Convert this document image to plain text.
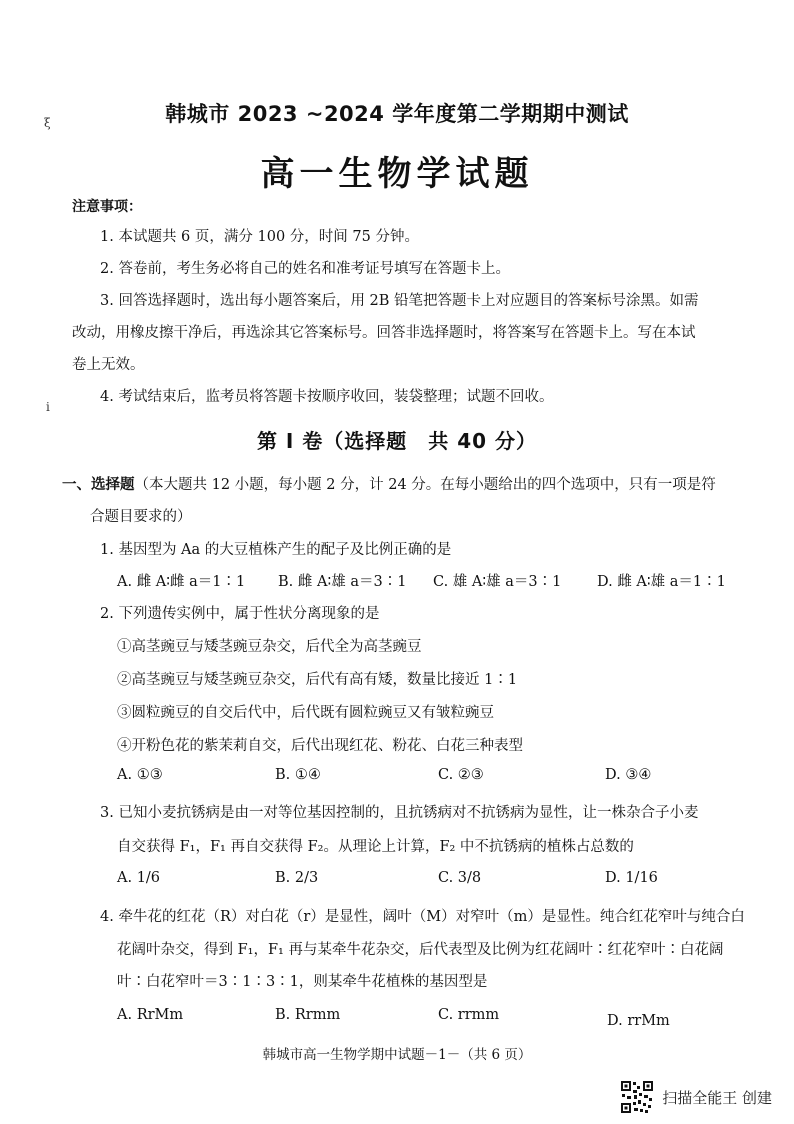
ξ
ⅰ
韩城市 2023 ~2024 学年度第二学期期中测试
高一生物学试题
注意事项：
1. 本试题共 6 页，满分 100 分，时间 75 分钟。
2. 答卷前，考生务必将自己的姓名和准考证号填写在答题卡上。
3. 回答选择题时，选出每小题答案后，用 2B 铅笔把答题卡上对应题目的答案标号涂黑。如需
改动，用橡皮擦干净后，再选涂其它答案标号。回答非选择题时，将答案写在答题卡上。写在本试
卷上无效。
4. 考试结束后，监考员将答题卡按顺序收回，装袋整理；试题不回收。
第 I 卷（选择题　共 40 分）
一、选择题（本大题共 12 小题，每小题 2 分，计 24 分。在每小题给出的四个选项中，只有一项是符
合题目要求的）
1. 基因型为 Aa 的大豆植株产生的配子及比例正确的是
A. 雌 A∶雌 a＝1∶1 B. 雌 A∶雄 a＝3∶1 C. 雄 A∶雄 a＝3∶1 D. 雌 A∶雄 a＝1∶1
2. 下列遗传实例中，属于性状分离现象的是
①高茎豌豆与矮茎豌豆杂交，后代全为高茎豌豆
②高茎豌豆与矮茎豌豆杂交，后代有高有矮，数量比接近 1∶1
③圆粒豌豆的自交后代中，后代既有圆粒豌豆又有皱粒豌豆
④开粉色花的紫茉莉自交，后代出现红花、粉花、白花三种表型
A. ①③	B. ①④	C. ②③	D. ③④
3. 已知小麦抗锈病是由一对等位基因控制的，且抗锈病对不抗锈病为显性，让一株杂合子小麦
自交获得 F₁，F₁ 再自交获得 F₂。从理论上计算，F₂ 中不抗锈病的植株占总数的
A. 1/6	B. 2/3	C. 3/8	D. 1/16
4. 牵牛花的红花（R）对白花（r）是显性，阔叶（M）对窄叶（m）是显性。纯合红花窄叶与纯合白
花阔叶杂交，得到 F₁，F₁ 再与某牵牛花杂交，后代表型及比例为红花阔叶∶红花窄叶∶白花阔
叶∶白花窄叶＝3∶1∶3∶1，则某牵牛花植株的基因型是
A. RrMm	B. Rrmm	C. rrmm	D. rrMm
韩城市高一生物学期中试题－1－（共 6 页）
扫描全能王 创建
